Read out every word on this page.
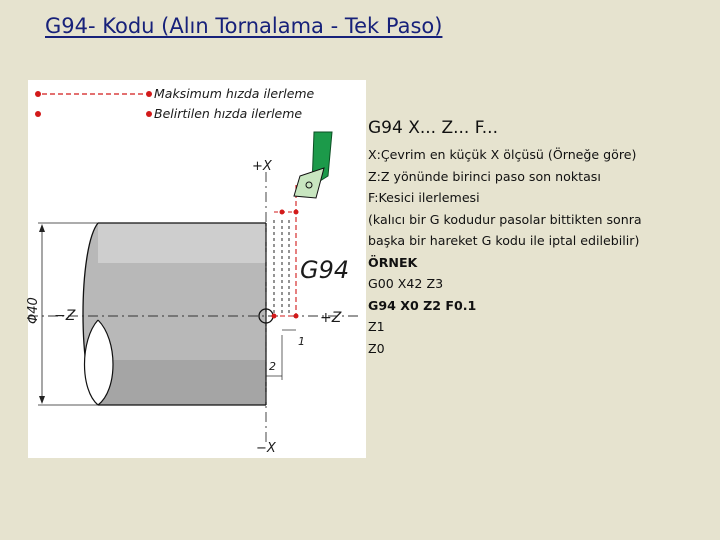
G94- Kodu (Alın Tornalama - Tek Paso)
Maksimum hızda ilerleme
Belirtilen hızda ilerleme
Φ40 −Z	+Z
+X
−X
G94
2
1
G94 X... Z... F...
X:Çevrim en küçük X ölçüsü (Örneğe göre)
Z:Z yönünde birinci paso son noktası
F:Kesici ilerlemesi
(kalıcı bir G kodudur pasolar bittikten sonra
başka bir hareket G kodu ile iptal edilebilir)
ÖRNEK
G00 X42 Z3
G94 X0 Z2 F0.1
Z1
Z0
